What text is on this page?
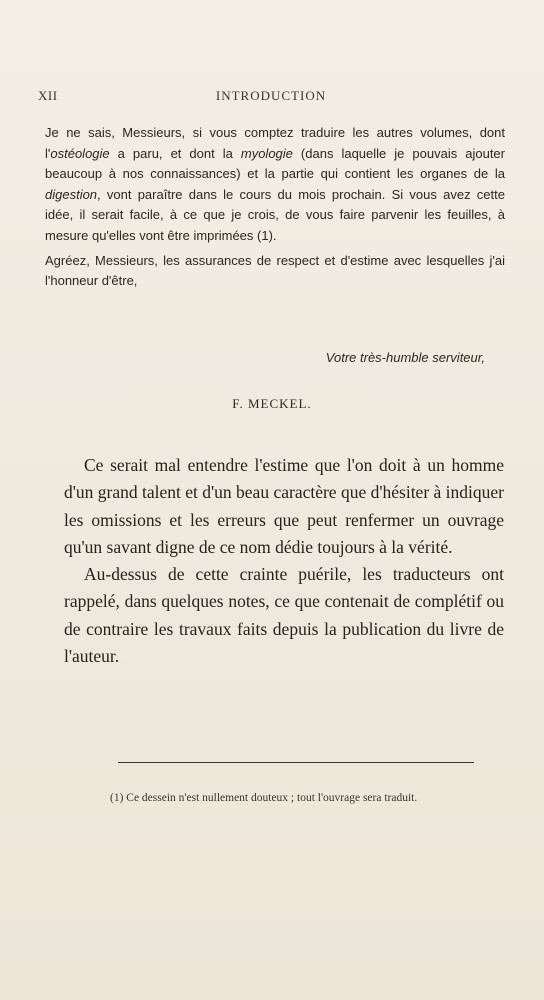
XII	INTRODUCTION

Je ne sais, Messieurs, si vous comptez traduire les autres volumes, dont l'ostéologie a paru, et dont la myologie (dans laquelle je pouvais ajouter beaucoup à nos connaissances) et la partie qui contient les organes de la digestion, vont paraître dans le cours du mois prochain. Si vous avez cette idée, il serait facile, à ce que je crois, de vous faire parvenir les feuilles, à mesure qu'elles vont être imprimées (1).

Agréez, Messieurs, les assurances de respect et d'estime avec lesquelles j'ai l'honneur d'être,

Votre très-humble serviteur,
F. MECKEL.

Ce serait mal entendre l'estime que l'on doit à un homme d'un grand talent et d'un beau caractère que d'hésiter à indiquer les omissions et les erreurs que peut renfermer un ouvrage qu'un savant digne de ce nom dédie toujours à la vérité.

Au-dessus de cette crainte puérile, les traducteurs ont rappelé, dans quelques notes, ce que contenait de complétif ou de contraire les travaux faits depuis la publication du livre de l'auteur.

(1) Ce dessein n'est nullement douteux ; tout l'ouvrage sera traduit.
